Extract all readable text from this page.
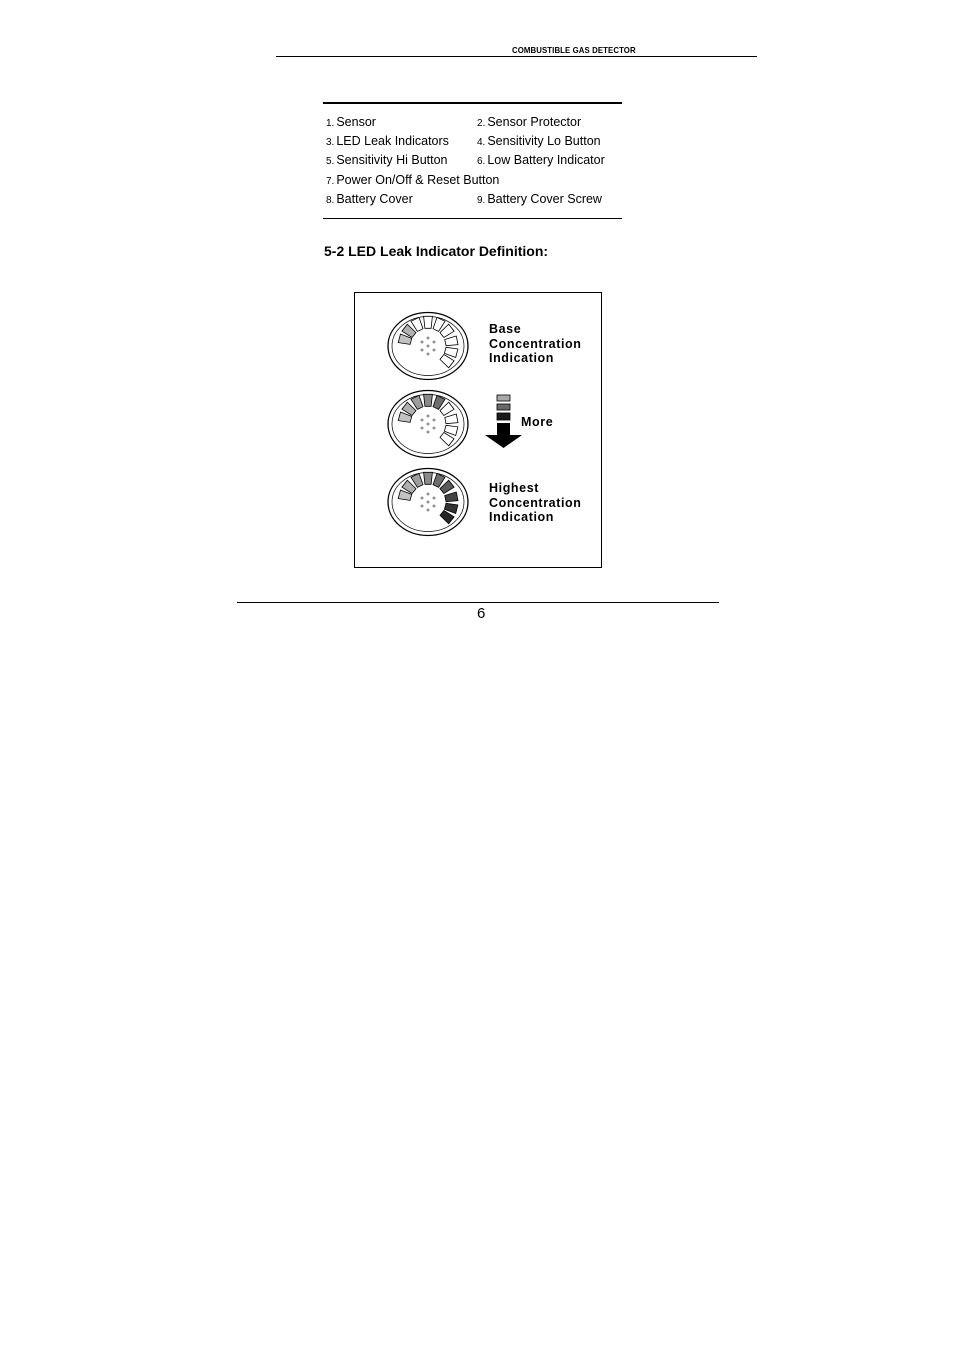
COMBUSTIBLE GAS DETECTOR
1. Sensor	2. Sensor Protector
3. LED Leak Indicators	4. Sensitivity Lo Button
5. Sensitivity Hi Button	6. Low Battery Indicator
7. Power On/Off & Reset Button
8. Battery Cover	9. Battery Cover Screw
5-2 LED Leak Indicator Definition:
Base
Concentration
Indication
More
Highest
Concentration
Indication
6
